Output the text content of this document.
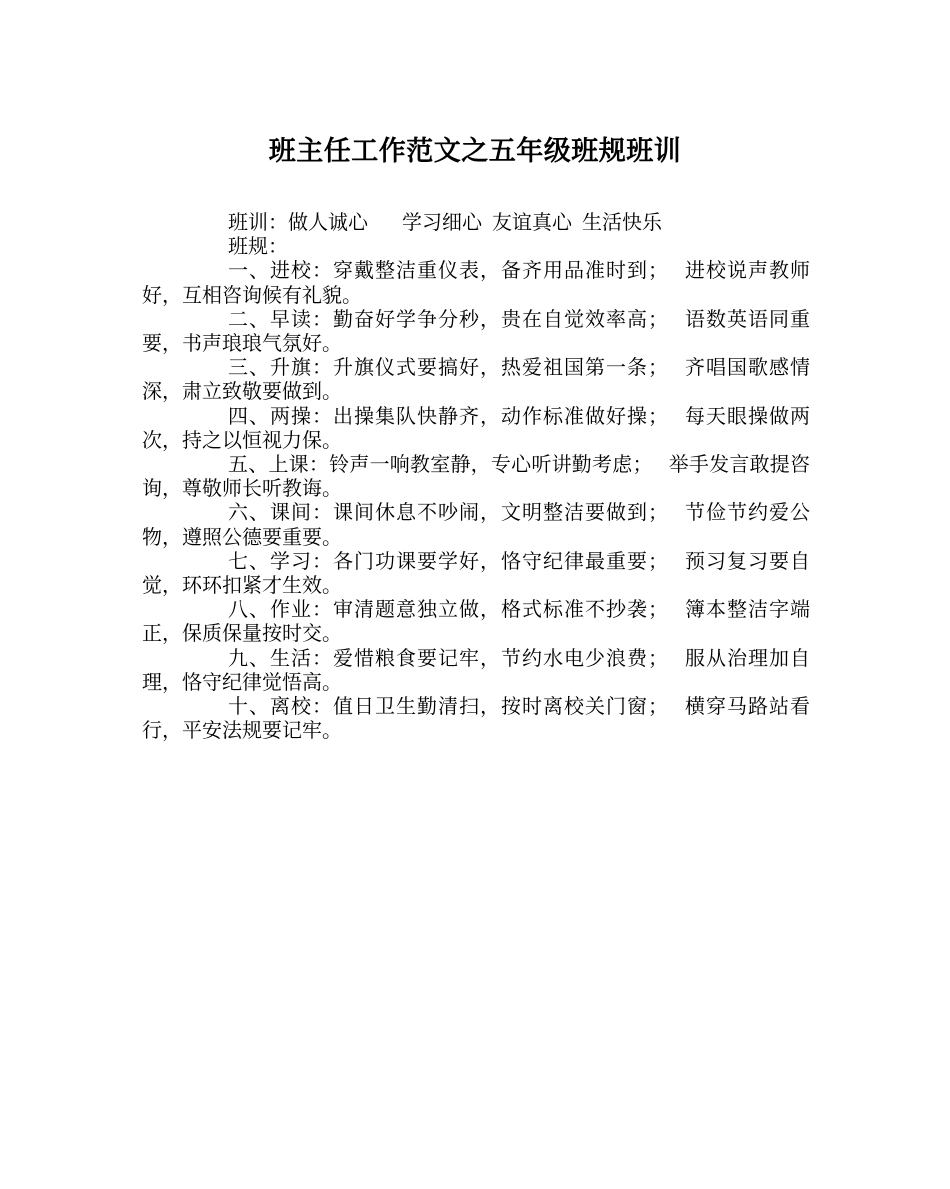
班主任工作范文之五年级班规班训

班训：做人诚心 学习细心 友谊真心 生活快乐

班规：

一、进校：穿戴整洁重仪表，备齐用品准时到； 进校说声教师好，互相咨询候有礼貌。

二、早读：勤奋好学争分秒，贵在自觉效率高； 语数英语同重要，书声琅琅气氛好。

三、升旗：升旗仪式要搞好，热爱祖国第一条； 齐唱国歌感情深，肃立致敬要做到。

四、两操：出操集队快静齐，动作标准做好操； 每天眼操做两次，持之以恒视力保。

五、上课：铃声一响教室静，专心听讲勤考虑； 举手发言敢提咨询，尊敬师长听教诲。

六、课间：课间休息不吵闹，文明整洁要做到； 节俭节约爱公物，遵照公德要重要。

七、学习：各门功课要学好，恪守纪律最重要； 预习复习要自觉，环环扣紧才生效。

八、作业：审清题意独立做，格式标准不抄袭； 簿本整洁字端正，保质保量按时交。

九、生活：爱惜粮食要记牢，节约水电少浪费； 服从治理加自理，恪守纪律觉悟高。

十、离校：值日卫生勤清扫，按时离校关门窗； 横穿马路站看行，平安法规要记牢。
